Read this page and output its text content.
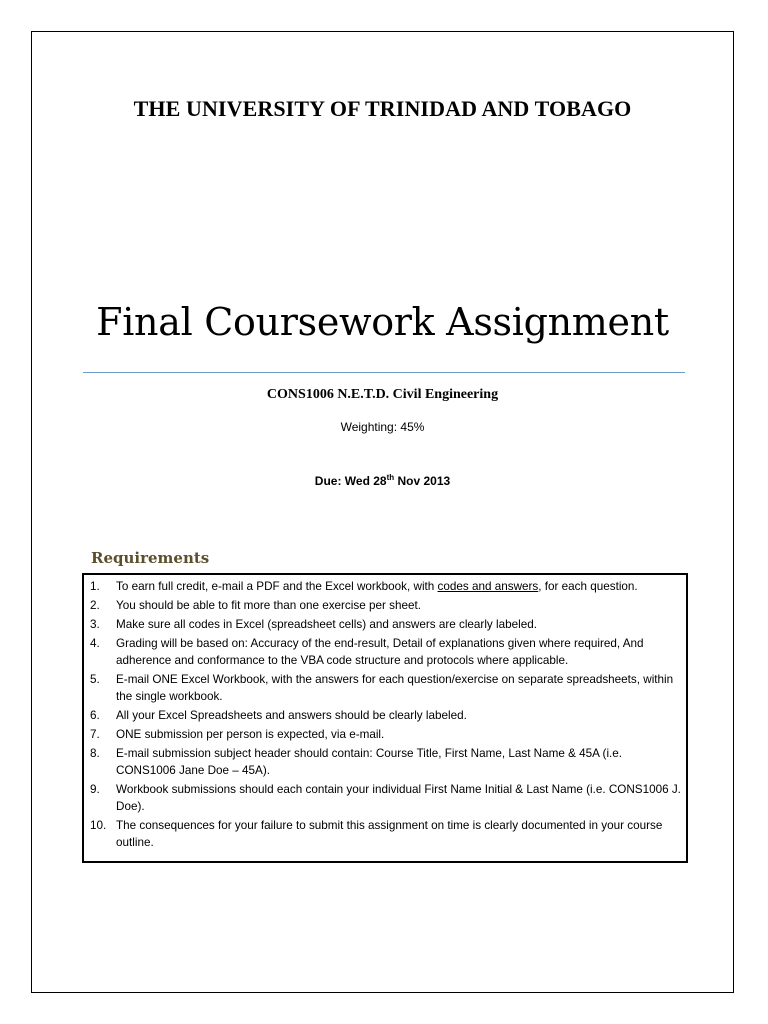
THE UNIVERSITY OF TRINIDAD AND TOBAGO
Final Coursework Assignment
CONS1006 N.E.T.D. Civil Engineering
Weighting: 45%
Due: Wed 28th Nov 2013
Requirements
1.	To earn full credit, e-mail a PDF and the Excel workbook, with codes and answers, for each question.
2.	You should be able to fit more than one exercise per sheet.
3.	Make sure all codes in Excel (spreadsheet cells) and answers are clearly labeled.
4.	Grading will be based on: Accuracy of the end-result, Detail of explanations given where required, And adherence and conformance to the VBA code structure and protocols where applicable.
5.	E-mail ONE Excel Workbook, with the answers for each question/exercise on separate spreadsheets, within the single workbook.
6.	All your Excel Spreadsheets and answers should be clearly labeled.
7.	ONE submission per person is expected, via e-mail.
8.	E-mail submission subject header should contain: Course Title, First Name, Last Name & 45A (i.e. CONS1006 Jane Doe – 45A).
9.	Workbook submissions should each contain your individual First Name Initial & Last Name (i.e. CONS1006 J. Doe).
10. The consequences for your failure to submit this assignment on time is clearly documented in your course outline.
